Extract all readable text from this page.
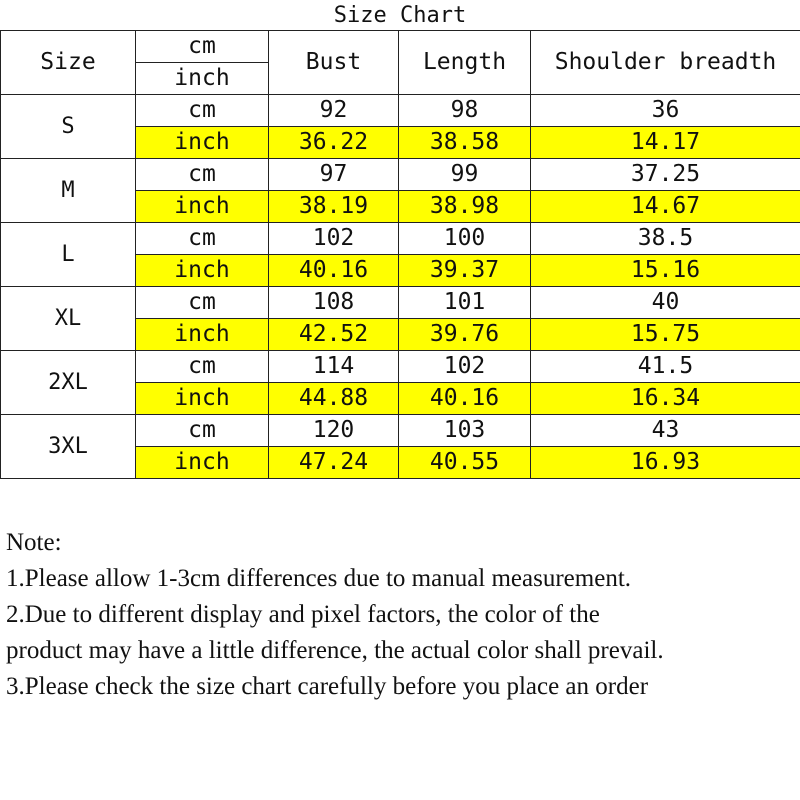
Size Chart
Size	cm	Bust	Length	Shoulder breadth
	inch			
S	cm	92	98	36
	inch	36.22	38.58	14.17
M	cm	97	99	37.25
	inch	38.19	38.98	14.67
L	cm	102	100	38.5
	inch	40.16	39.37	15.16
XL	cm	108	101	40
	inch	42.52	39.76	15.75
2XL	cm	114	102	41.5
	inch	44.88	40.16	16.34
3XL	cm	120	103	43
	inch	47.24	40.55	16.93
Note:
1.Please allow 1-3cm differences due to manual measurement.
2.Due to different display and pixel factors, the color of the
product may have a little difference, the actual color shall prevail.
3.Please check the size chart carefully before you place an order
